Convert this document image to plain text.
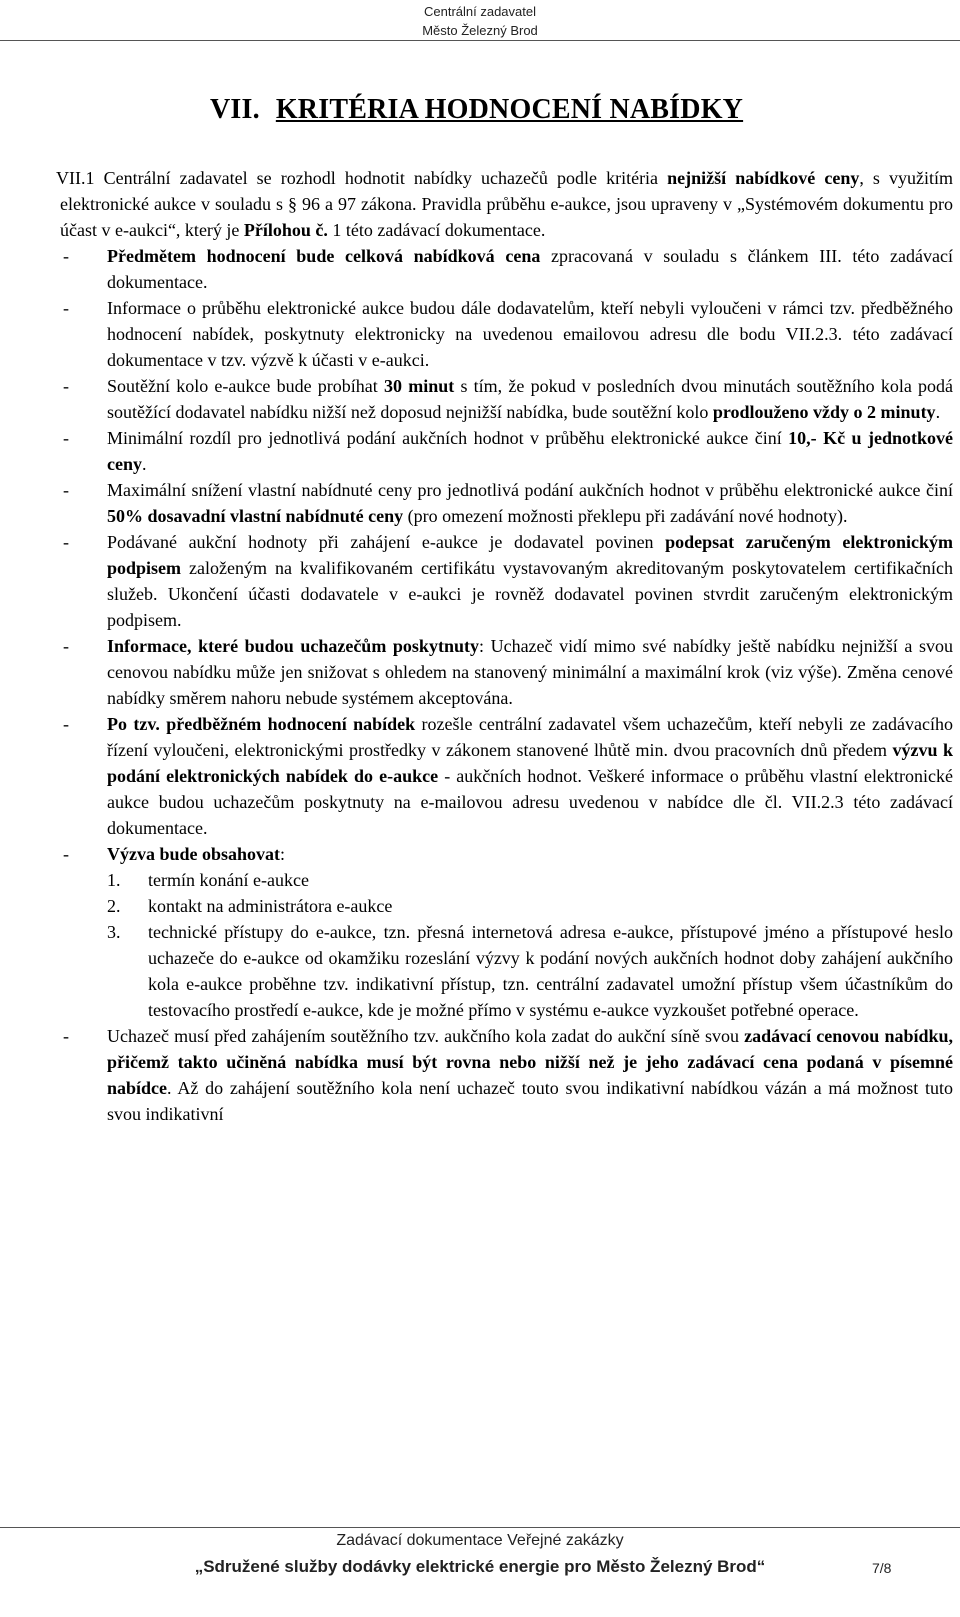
Centrální zadavatel
Město Železný Brod
VII. KRITÉRIA HODNOCENÍ NABÍDKY

VII.1 Centrální zadavatel se rozhodl hodnotit nabídky uchazečů podle kritéria nejnižší nabídkové ceny, s využitím elektronické aukce v souladu s § 96 a 97 zákona. Pravidla průběhu e-aukce, jsou upraveny v „Systémovém dokumentu pro účast v e-aukci“, který je Přílohou č. 1 této zadávací dokumentace.

- Předmětem hodnocení bude celková nabídková cena zpracovaná v souladu s článkem III. této zadávací dokumentace.

- Informace o průběhu elektronické aukce budou dále dodavatelům, kteří nebyli vyloučeni v rámci tzv. předběžného hodnocení nabídek, poskytnuty elektronicky na uvedenou emailovou adresu dle bodu VII.2.3. této zadávací dokumentace v tzv. výzvě k účasti v e-aukci.

- Soutěžní kolo e-aukce bude probíhat 30 minut s tím, že pokud v posledních dvou minutách soutěžního kola podá soutěžící dodavatel nabídku nižší než doposud nejnižší nabídka, bude soutěžní kolo prodlouženo vždy o 2 minuty.

- Minimální rozdíl pro jednotlivá podání aukčních hodnot v průběhu elektronické aukce činí 10,- Kč u jednotkové ceny.

- Maximální snížení vlastní nabídnuté ceny pro jednotlivá podání aukčních hodnot v průběhu elektronické aukce činí 50% dosavadní vlastní nabídnuté ceny (pro omezení možnosti překlepu při zadávání nové hodnoty).

- Podávané aukční hodnoty při zahájení e-aukce je dodavatel povinen podepsat zaručeným elektronickým podpisem založeným na kvalifikovaném certifikátu vystavovaným akreditovaným poskytovatelem certifikačních služeb. Ukončení účasti dodavatele v e-aukci je rovněž dodavatel povinen stvrdit zaručeným elektronickým podpisem.

- Informace, které budou uchazečům poskytnuty: Uchazeč vidí mimo své nabídky ještě nabídku nejnižší a svou cenovou nabídku může jen snižovat s ohledem na stanovený minimální a maximální krok (viz výše). Změna cenové nabídky směrem nahoru nebude systémem akceptována.

- Po tzv. předběžném hodnocení nabídek rozešle centrální zadavatel všem uchazečům, kteří nebyli ze zadávacího řízení vyloučeni, elektronickými prostředky v zákonem stanovené lhůtě min. dvou pracovních dnů předem výzvu k podání elektronických nabídek do e-aukce - aukčních hodnot. Veškeré informace o průběhu vlastní elektronické aukce budou uchazečům poskytnuty na e-mailovou adresu uvedenou v nabídce dle čl. VII.2.3 této zadávací dokumentace.

- Výzva bude obsahovat:

1. termín konání e-aukce

2. kontakt na administrátora e-aukce

3. technické přístupy do e-aukce, tzn. přesná internetová adresa e-aukce, přístupové jméno a přístupové heslo uchazeče do e-aukce od okamžiku rozeslání výzvy k podání nových aukčních hodnot doby zahájení aukčního kola e-aukce proběhne tzv. indikativní přístup, tzn. centrální zadavatel umožní přístup všem účastníkům do testovacího prostředí e-aukce, kde je možné přímo v systému e-aukce vyzkoušet potřebné operace.

- Uchazeč musí před zahájením soutěžního tzv. aukčního kola zadat do aukční síně svou zadávací cenovou nabídku, přičemž takto učiněná nabídka musí být rovna nebo nižší než je jeho zadávací cena podaná v písemné nabídce. Až do zahájení soutěžního kola není uchazeč touto svou indikativní nabídkou vázán a má možnost tuto svou indikativní

Zadávací dokumentace Veřejné zakázky
„Sdružené služby dodávky elektrické energie pro Město Železný Brod“	7/8
